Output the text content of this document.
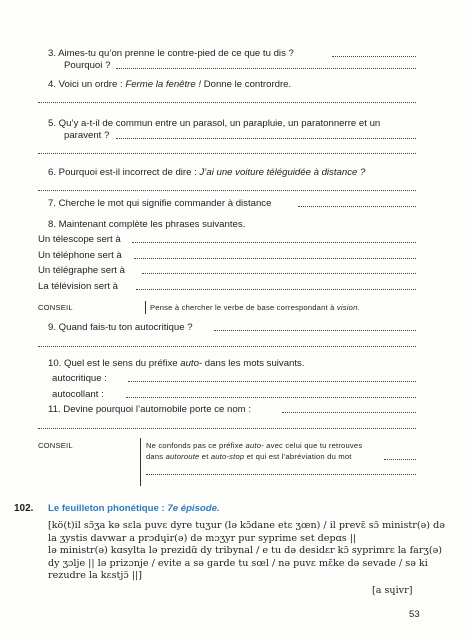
3. Aimes-tu qu’on prenne le contre-pied de ce que tu dis ?
Pourquoi ?
4. Voici un ordre : Ferme la fenêtre ! Donne le contrordre.
5. Qu’y a-t-il de commun entre un parasol, un parapluie, un paratonnerre et un
paravent ?
6. Pourquoi est-il incorrect de dire : J’ai une voiture téléguidée à distance ?
7. Cherche le mot qui signifie commander à distance
8. Maintenant complète les phrases suivantes.
Un télescope sert à
Un téléphone sert à
Un télégraphe sert à
La télévision sert à
CONSEIL	Pense à chercher le verbe de base correspondant à vision.
9. Quand fais-tu ton autocritique ?
10. Quel est le sens du préfixe auto- dans les mots suivants.
autocritique :
autocollant :
11. Devine pourquoi l’automobile porte ce nom :
CONSEIL	Ne confonds pas ce préfixe auto- avec celui que tu retrouves
dans autoroute et auto-stop et qui est l’abréviation du mot
102. Le feuilleton phonétique : 7e épisode.
[kö(t)il sɔ̃ʒa kə sɛla puvɛ dyre tuʒur (lə kɔ̃dane etɛ ʒœn) / il prevɛ̃ sɔ̃ ministr(ə) də
la ʒystis davwar a prɔdɥir(ə) də mɔʒyr pur syprime set depɑs ||
lə ministr(ə) kɑsylta lə prezidɑ̃ dy tribynal / e tu də desidɛr kɔ̃ syprimrɛ la farʒ(ə)
dy ʒɔlje || lə prizɔnje / evite a sə garde tu sœl / nə puvɛ mɛ̃ke də sevade / sə ki
rezudre la kɛstjɔ̃ ||]
[a sɥivr]
53
